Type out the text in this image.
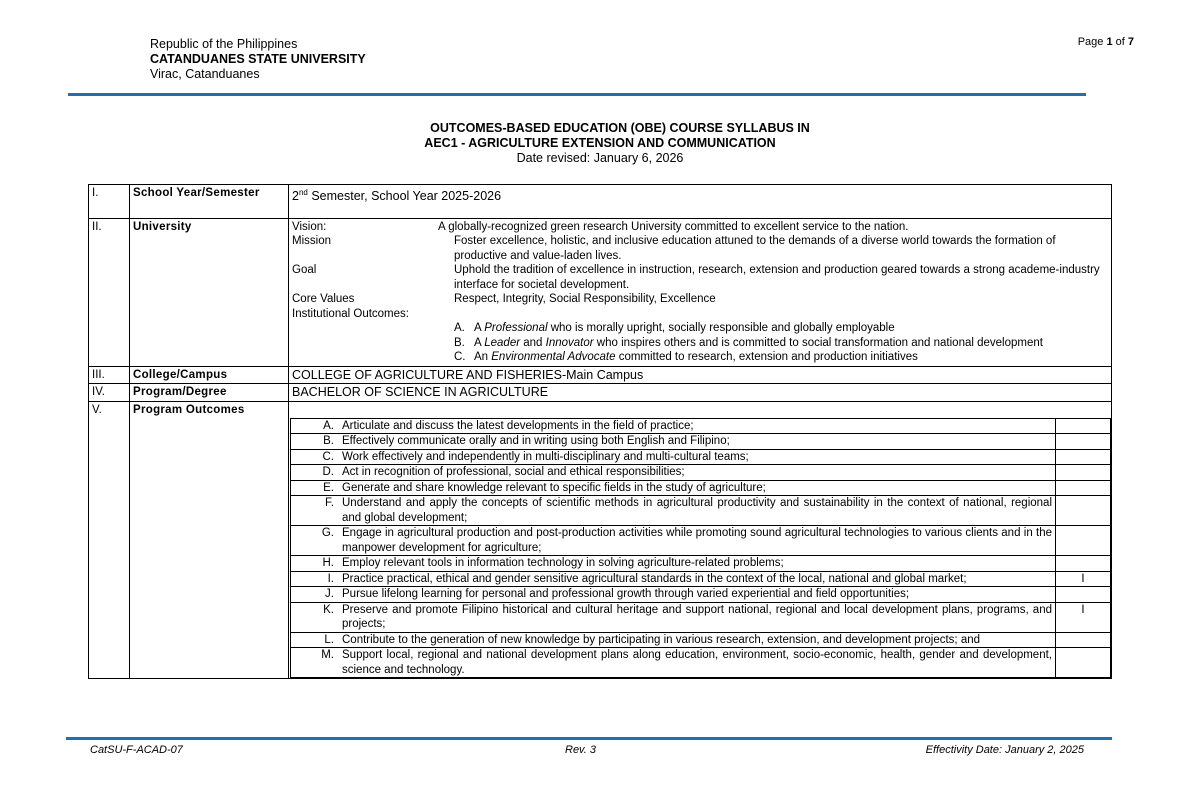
Republic of the Philippines
CATANDUANES STATE UNIVERSITY
Virac, Catanduanes
Page 1 of 7
OUTCOMES-BASED EDUCATION (OBE) COURSE SYLLABUS IN
AEC1 - AGRICULTURE EXTENSION AND COMMUNICATION
Date revised: January 6, 2026
I.	School Year/Semester	2nd Semester, School Year 2025-2026
II.	University	Vision:	A globally-recognized green research University committed to excellent service to the nation.
Mission	Foster excellence, holistic, and inclusive education attuned to the demands of a diverse world towards the formation of productive and value-laden lives.
Goal	Uphold the tradition of excellence in instruction, research, extension and production geared towards a strong academe-industry interface for societal development.
Core Values	Respect, Integrity, Social Responsibility, Excellence
Institutional Outcomes:
A. A Professional who is morally upright, socially responsible and globally employable
B. A Leader and Innovator who inspires others and is committed to social transformation and national development
C. An Environmental Advocate committed to research, extension and production initiatives

III.	College/Campus	COLLEGE OF AGRICULTURE AND FISHERIES-Main Campus
IV.	Program/Degree	BACHELOR OF SCIENCE IN AGRICULTURE
V.	Program Outcomes	
A.	Articulate and discuss the latest developments in the field of practice;	
B.	Effectively communicate orally and in writing using both English and Filipino;	
C.	Work effectively and independently in multi-disciplinary and multi-cultural teams;	
D.	Act in recognition of professional, social and ethical responsibilities;	
E.	Generate and share knowledge relevant to specific fields in the study of agriculture;	
F.	Understand and apply the concepts of scientific methods in agricultural productivity and sustainability in the context of national, regional and global development;	
G.	Engage in agricultural production and post-production activities while promoting sound agricultural technologies to various clients and in the manpower development for agriculture;	
H.	Employ relevant tools in information technology in solving agriculture-related problems;	
I.	Practice practical, ethical and gender sensitive agricultural standards in the context of the local, national and global market;	I
J.	Pursue lifelong learning for personal and professional growth through varied experiential and field opportunities;	
K.	Preserve and promote Filipino historical and cultural heritage and support national, regional and local development plans, programs, and projects;	I
L.	Contribute to the generation of new knowledge by participating in various research, extension, and development projects; and	
M.	Support local, regional and national development plans along education, environment, socio-economic, health, gender and development, science and technology.	
CatSU-F-ACAD-07	Rev. 3	Effectivity Date: January 2, 2025
